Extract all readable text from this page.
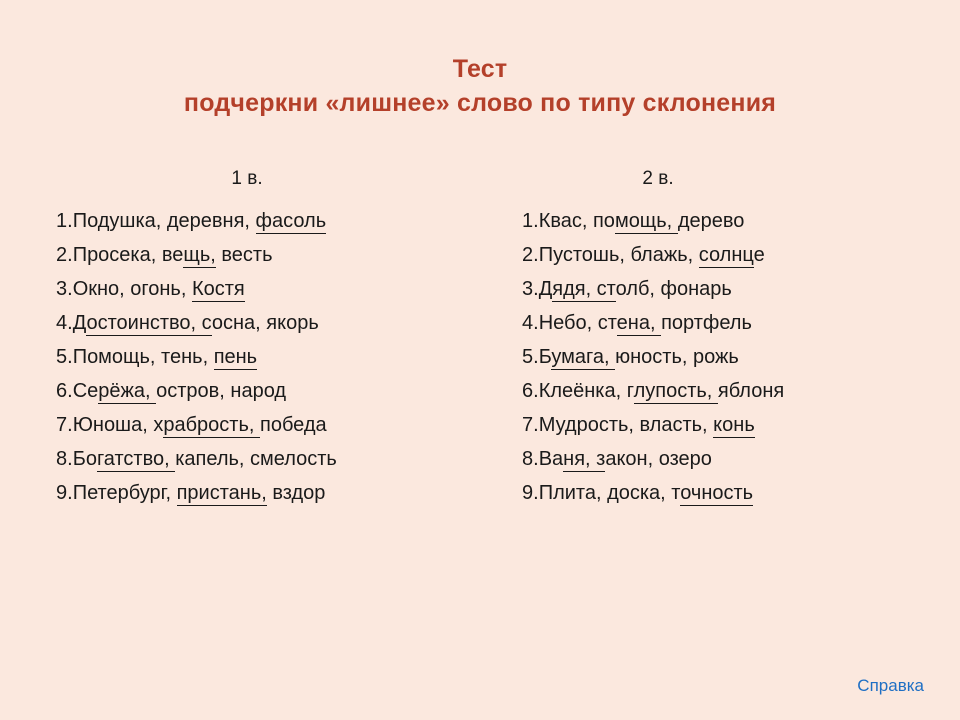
Тест
подчеркни «лишнее» слово по типу склонения
1 в.
1.Подушка, деревня, фасоль
2.Просека, вещь, весть
3.Окно, огонь, Костя
4.Достоинство, сосна, якорь
5.Помощь, тень, пень
6.Серёжа, остров, народ
7.Юноша, храбрость, победа
8.Богатство, капель, смелость
9.Петербург, пристань, вздор
2 в.
1.Квас, помощь, дерево
2.Пустошь, блажь, солнце
3.Дядя, столб, фонарь
4.Небо, стена, портфель
5.Бумага, юность, рожь
6.Клеёнка, глупость, яблоня
7.Мудрость, власть, конь
8.Ваня, закон, озеро
9.Плита, доска, точность
Справка
